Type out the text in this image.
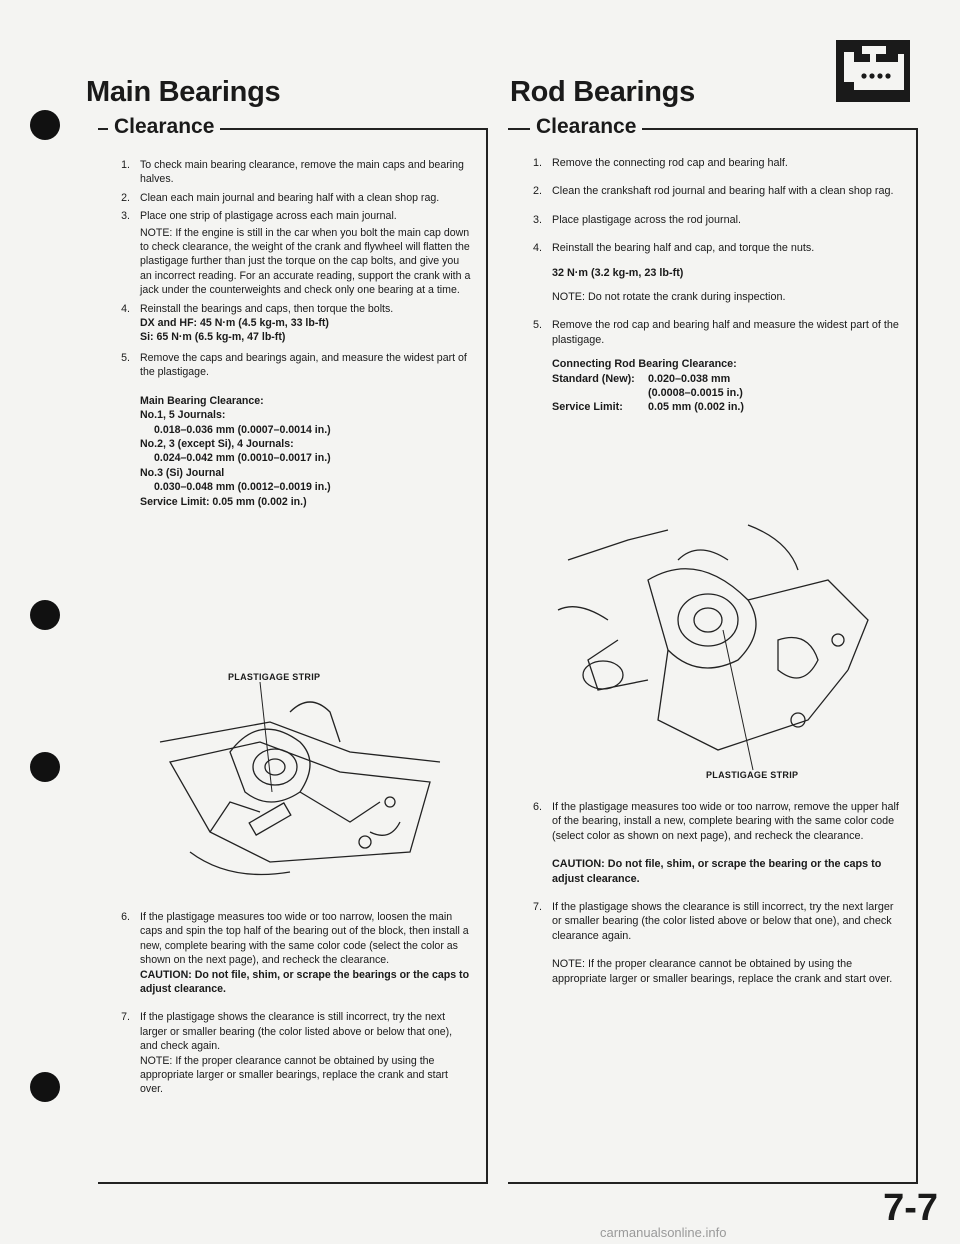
Main Bearings	Rod Bearings
Clearance
1. To check main bearing clearance, remove the main caps and bearing halves.
2. Clean each main journal and bearing half with a clean shop rag.
3. Place one strip of plastigage across each main journal.
NOTE: If the engine is still in the car when you bolt the main cap down to check clearance, the weight of the crank and flywheel will flatten the plastigage further than just the torque on the cap bolts, and give you an incorrect reading. For an accurate reading, support the crank with a jack under the counterweights and check only one bearing at a time.
4. Reinstall the bearings and caps, then torque the bolts.
DX and HF: 45 N·m (4.5 kg-m, 33 lb-ft)
Si: 65 N·m (6.5 kg-m, 47 lb-ft)
5. Remove the caps and bearings again, and measure the widest part of the plastigage.
Main Bearing Clearance:
No.1, 5 Journals:
0.018–0.036 mm (0.0007–0.0014 in.)
No.2, 3 (except Si), 4 Journals:
0.024–0.042 mm (0.0010–0.0017 in.)
No.3 (Si) Journal
0.030–0.048 mm (0.0012–0.0019 in.)
Service Limit: 0.05 mm (0.002 in.)
PLASTIGAGE STRIP
6. If the plastigage measures too wide or too narrow, loosen the main caps and spin the top half of the bearing out of the block, then install a new, complete bearing with the same color code (select the color as shown on the next page), and recheck the clearance.
CAUTION: Do not file, shim, or scrape the bearings or the caps to adjust clearance.
7. If the plastigage shows the clearance is still incorrect, try the next larger or smaller bearing (the color listed above or below that one), and check again.
NOTE: If the proper clearance cannot be obtained by using the appropriate larger or smaller bearings, replace the crank and start over.
Clearance
1. Remove the connecting rod cap and bearing half.
2. Clean the crankshaft rod journal and bearing half with a clean shop rag.
3. Place plastigage across the rod journal.
4. Reinstall the bearing half and cap, and torque the nuts.
32 N·m (3.2 kg-m, 23 lb-ft)
NOTE: Do not rotate the crank during inspection.
5. Remove the rod cap and bearing half and measure the widest part of the plastigage.
Connecting Rod Bearing Clearance:
Standard (New):	0.020–0.038 mm
(0.0008–0.0015 in.)
Service Limit:	0.05 mm (0.002 in.)
PLASTIGAGE STRIP
6. If the plastigage measures too wide or too narrow, remove the upper half of the bearing, install a new, complete bearing with the same color code (select color as shown on next page), and recheck the clearance.
CAUTION: Do not file, shim, or scrape the bearing or the caps to adjust clearance.
7. If the plastigage shows the clearance is still incorrect, try the next larger or smaller bearing (the color listed above or below that one), and check clearance again.
NOTE: If the proper clearance cannot be obtained by using the appropriate larger or smaller bearings, replace the crank and start over.
7-7
carmanualsonline.info
